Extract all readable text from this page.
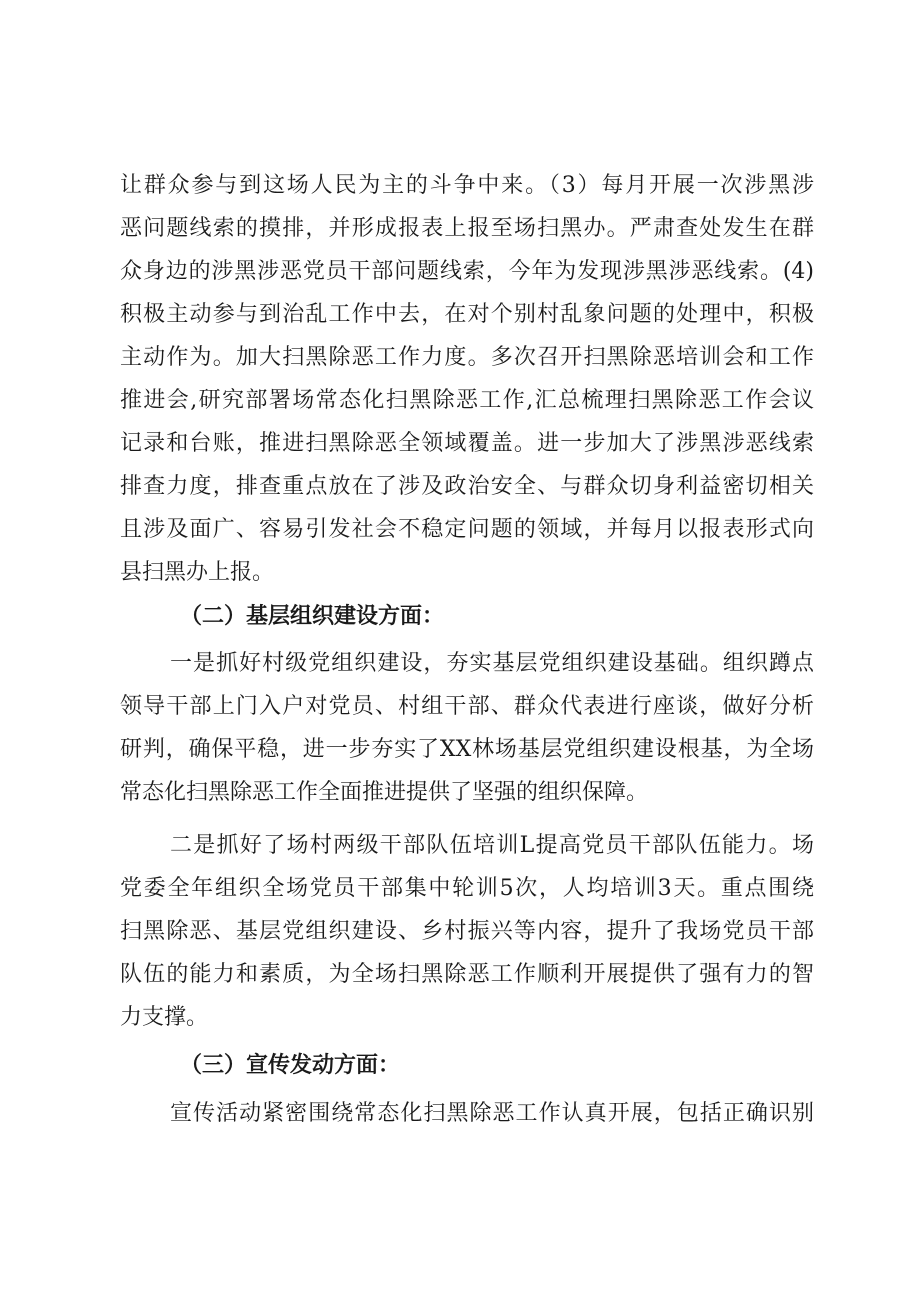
让群众参与到这场人民为主的斗争中来。（3）每月开展一次涉黑涉
恶问题线索的摸排，并形成报表上报至场扫黑办。严肃查处发生在群
众身边的涉黑涉恶党员干部问题线索，今年为发现涉黑涉恶线索。(4)
积极主动参与到治乱工作中去，在对个别村乱象问题的处理中，积极
主动作为。加大扫黑除恶工作力度。多次召开扫黑除恶培训会和工作
推进会,研究部署场常态化扫黑除恶工作,汇总梳理扫黑除恶工作会议
记录和台账，推进扫黑除恶全领域覆盖。进一步加大了涉黑涉恶线索
排查力度，排查重点放在了涉及政治安全、与群众切身利益密切相关
且涉及面广、容易引发社会不稳定问题的领域，并每月以报表形式向
县扫黑办上报。
（二）基层组织建设方面：
一是抓好村级党组织建设，夯实基层党组织建设基础。组织蹲点
领导干部上门入户对党员、村组干部、群众代表进行座谈，做好分析
研判，确保平稳，进一步夯实了XX林场基层党组织建设根基，为全场
常态化扫黑除恶工作全面推进提供了坚强的组织保障。
二是抓好了场村两级干部队伍培训L提高党员干部队伍能力。场
党委全年组织全场党员干部集中轮训5次，人均培训3天。重点围绕
扫黑除恶、基层党组织建设、乡村振兴等内容，提升了我场党员干部
队伍的能力和素质，为全场扫黑除恶工作顺利开展提供了强有力的智
力支撑。
（三）宣传发动方面：
宣传活动紧密围绕常态化扫黑除恶工作认真开展，包括正确识别
